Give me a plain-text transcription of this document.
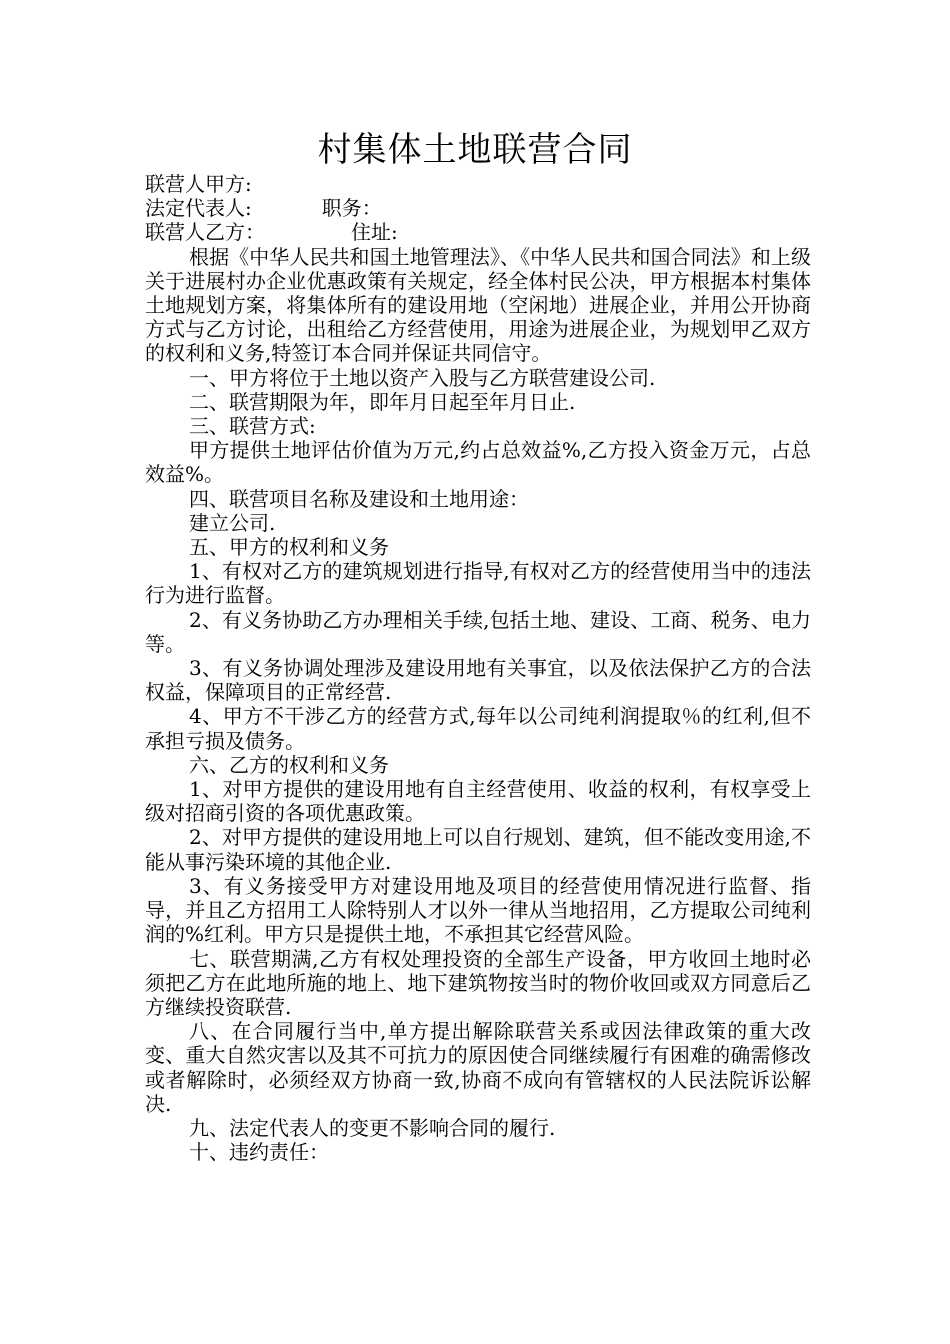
村集体土地联营合同

联营人甲方:

法定代表人:	职务：

联营人乙方：	住址:

根据《中华人民共和国土地管理法》、《中华人民共和国合同法》和上级关于进展村办企业优惠政策有关规定，经全体村民公决，甲方根据本村集体土地规划方案，将集体所有的建设用地（空闲地）进展企业，并用公开协商方式与乙方讨论，出租给乙方经营使用，用途为进展企业，为规划甲乙双方的权利和义务,特签订本合同并保证共同信守。

一、甲方将位于土地以资产入股与乙方联营建设公司.

二、联营期限为年，即年月日起至年月日止.

三、联营方式:

甲方提供土地评估价值为万元,约占总效益%,乙方投入资金万元，占总效益%。

四、联营项目名称及建设和土地用途：

建立公司.

五、甲方的权利和义务

1、有权对乙方的建筑规划进行指导,有权对乙方的经营使用当中的违法行为进行监督。

2、有义务协助乙方办理相关手续,包括土地、建设、工商、税务、电力等。

3、有义务协调处理涉及建设用地有关事宜，以及依法保护乙方的合法权益，保障项目的正常经营.

4、甲方不干涉乙方的经营方式,每年以公司纯利润提取％的红利,但不承担亏损及债务。

六、乙方的权利和义务

1、对甲方提供的建设用地有自主经营使用、收益的权利，有权享受上级对招商引资的各项优惠政策。

2、对甲方提供的建设用地上可以自行规划、建筑，但不能改变用途,不能从事污染环境的其他企业.

3、有义务接受甲方对建设用地及项目的经营使用情况进行监督、指导，并且乙方招用工人除特别人才以外一律从当地招用，乙方提取公司纯利润的%红利。甲方只是提供土地，不承担其它经营风险。

七、联营期满,乙方有权处理投资的全部生产设备，甲方收回土地时必须把乙方在此地所施的地上、地下建筑物按当时的物价收回或双方同意后乙方继续投资联营.

八、在合同履行当中,单方提出解除联营关系或因法律政策的重大改变、重大自然灾害以及其不可抗力的原因使合同继续履行有困难的确需修改或者解除时，必须经双方协商一致,协商不成向有管辖权的人民法院诉讼解决.

九、法定代表人的变更不影响合同的履行.

十、违约责任：
